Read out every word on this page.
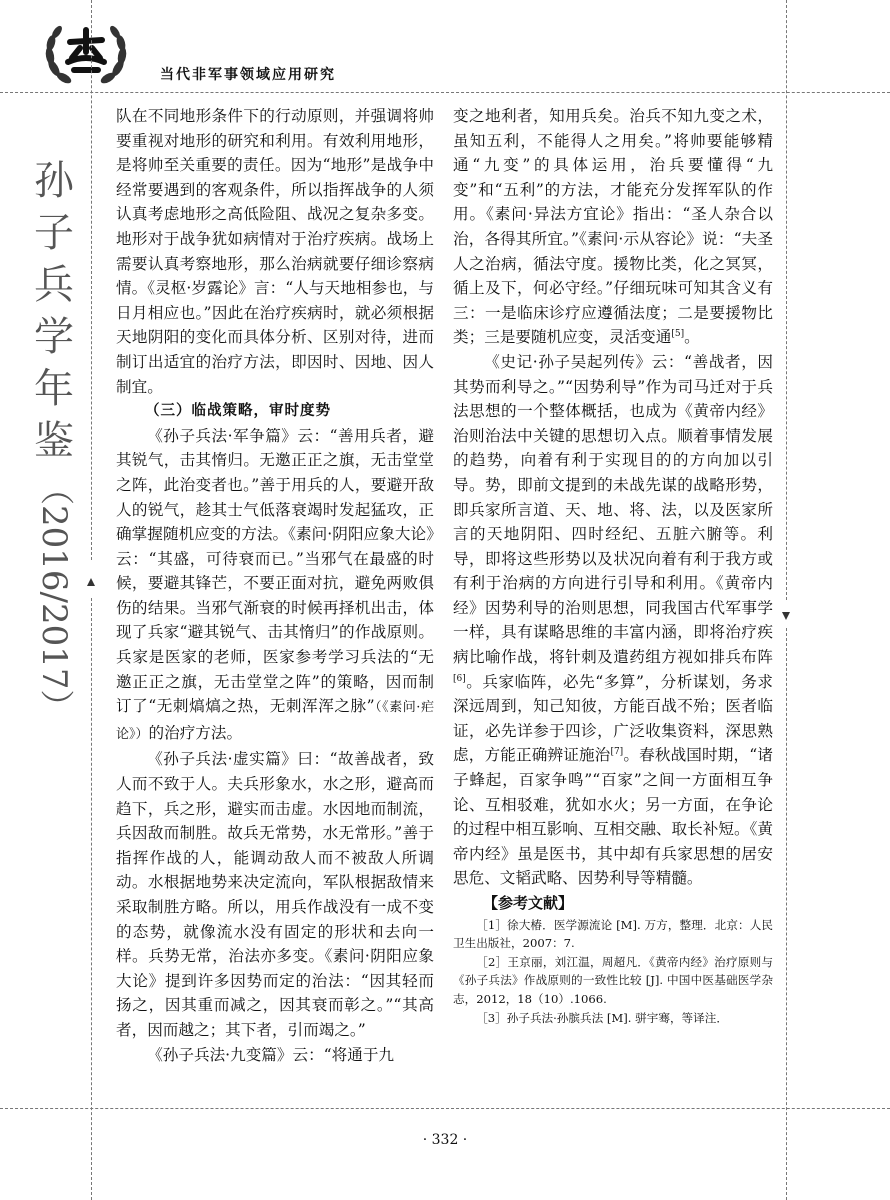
当代非军事领域应用研究
孙
子
兵
学
年
鉴
（2016/2017）

队在不同地形条件下的行动原则，并强调将帅要重视对地形的研究和利用。有效利用地形，是将帅至关重要的责任。因为“地形”是战争中经常要遇到的客观条件，所以指挥战争的人须认真考虑地形之高低险阻、战况之复杂多变。地形对于战争犹如病情对于治疗疾病。战场上需要认真考察地形，那么治病就要仔细诊察病情。《灵枢·岁露论》言：“人与天地相参也，与日月相应也。”因此在治疗疾病时，就必须根据天地阴阳的变化而具体分析、区别对待，进而制订出适宜的治疗方法，即因时、因地、因人制宜。

（三）临战策略，审时度势

《孙子兵法·军争篇》云：“善用兵者，避其锐气，击其惰归。无邀正正之旗，无击堂堂之阵，此治变者也。”善于用兵的人，要避开敌人的锐气，趁其士气低落衰竭时发起猛攻，正确掌握随机应变的方法。《素问·阴阳应象大论》云：“其盛，可待衰而已。”当邪气在最盛的时候，要避其锋芒，不要正面对抗，避免两败俱伤的结果。当邪气渐衰的时候再择机出击，体现了兵家“避其锐气、击其惰归”的作战原则。兵家是医家的老师，医家参考学习兵法的“无邀正正之旗，无击堂堂之阵”的策略，因而制订了“无刺熇熇之热，无刺浑浑之脉”（《素问·疟论》）的治疗方法。

《孙子兵法·虚实篇》曰：“故善战者，致人而不致于人。夫兵形象水，水之形，避高而趋下，兵之形，避实而击虚。水因地而制流，兵因敌而制胜。故兵无常势，水无常形。”善于指挥作战的人，能调动敌人而不被敌人所调动。水根据地势来决定流向，军队根据敌情来采取制胜方略。所以，用兵作战没有一成不变的态势，就像流水没有固定的形状和去向一样。兵势无常，治法亦多变。《素问·阴阳应象大论》提到许多因势而定的治法：“因其轻而扬之，因其重而减之，因其衰而彰之。”“其高者，因而越之；其下者，引而竭之。”

《孙子兵法·九变篇》云：“将通于九

变之地利者，知用兵矣。治兵不知九变之术，虽知五利，不能得人之用矣。”将帅要能够精通“九变”的具体运用，治兵要懂得“九变”和“五利”的方法，才能充分发挥军队的作用。《素问·异法方宜论》指出：“圣人杂合以治，各得其所宜。”《素问·示从容论》说：“夫圣人之治病，循法守度。援物比类，化之冥冥，循上及下，何必守经。”仔细玩味可知其含义有三：一是临床诊疗应遵循法度；二是要援物比类；三是要随机应变，灵活变通[5]。

《史记·孙子吴起列传》云：“善战者，因其势而利导之。”“因势利导”作为司马迁对于兵法思想的一个整体概括，也成为《黄帝内经》治则治法中关键的思想切入点。顺着事情发展的趋势，向着有利于实现目的的方向加以引导。势，即前文提到的未战先谋的战略形势，即兵家所言道、天、地、将、法，以及医家所言的天地阴阳、四时经纪、五脏六腑等。利导，即将这些形势以及状况向着有利于我方或有利于治病的方向进行引导和利用。《黄帝内经》因势利导的治则思想，同我国古代军事学一样，具有谋略思维的丰富内涵，即将治疗疾病比喻作战，将针刺及遣药组方视如排兵布阵[6]。兵家临阵，必先“多算”，分析谋划，务求深远周到，知己知彼，方能百战不殆；医者临证，必先详参于四诊，广泛收集资料，深思熟虑，方能正确辨证施治[7]。春秋战国时期，“诸子蜂起，百家争鸣”“百家”之间一方面相互争论、互相驳难，犹如水火；另一方面，在争论的过程中相互影响、互相交融、取长补短。《黄帝内经》虽是医书，其中却有兵家思想的居安思危、文韬武略、因势利导等精髓。

【参考文献】

［1］徐大椿．医学源流论 [M]. 万方，整理．北京：人民卫生出版社，2007：7.

［2］王京丽，刘江温，周超凡．《黄帝内经》治疗原则与《孙子兵法》作战原则的一致性比较 [J]. 中国中医基础医学杂志，2012，18（10）.1066.

［3］孙子兵法·孙膑兵法 [M]. 骈宇骞，等译注．

· 332 ·
